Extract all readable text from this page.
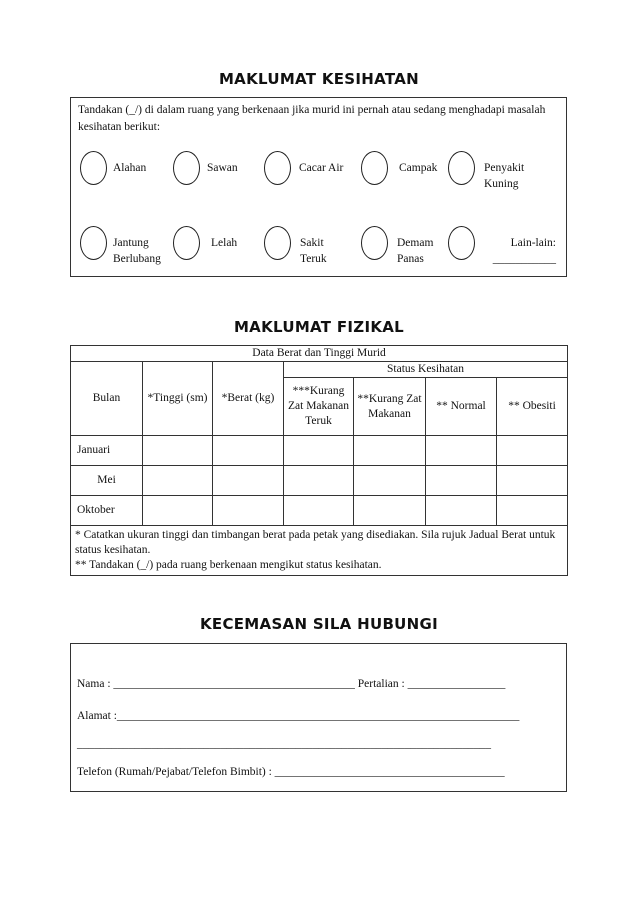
MAKLUMAT KESIHATAN
Tandakan (_/) di dalam ruang yang berkenaan jika murid ini pernah atau sedang menghadapi masalah kesihatan berikut:
Alahan	Sawan	Cacar Air	Campak	Penyakit Kuning
Jantung Berlubang
Lelah	Sakit Teruk
Demam Panas
Lain-lain: ___________
MAKLUMAT FIZIKAL
Data Berat dan Tinggi Murid						
Bulan	*Tinggi (sm)	*Berat (kg)	Status Kesihatan			
			***Kurang Zat Makanan Teruk	**Kurang Zat Makanan	** Normal	** Obesiti
Januari						
Mei						
Oktober						

* Catatkan ukuran tinggi dan timbangan berat pada petak yang disediakan. Sila rujuk Jadual Berat untuk status kesihatan.
** Tandakan (_/) pada ruang berkenaan mengikut status kesihatan.						
KECEMASAN SILA HUBUNGI
Nama : __________________________________________ Pertalian : _________________
Alamat :______________________________________________________________________
________________________________________________________________________
Telefon (Rumah/Pejabat/Telefon Bimbit) : ________________________________________
